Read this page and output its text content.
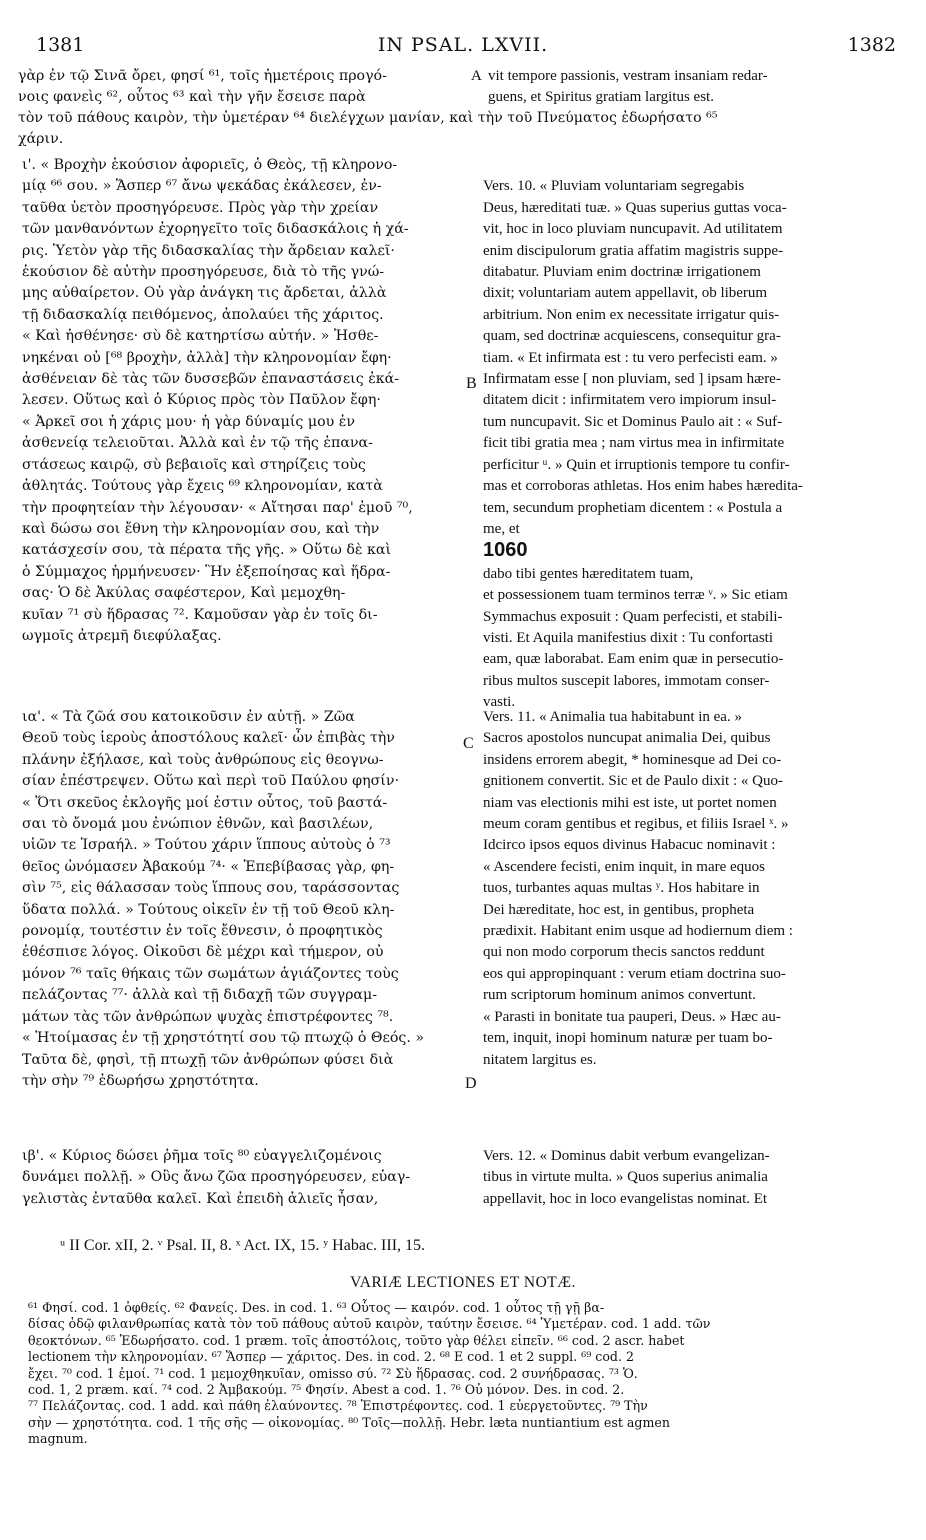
1381	IN PSAL. LXVII.	1382
γὰρ ἐν τῷ Σινᾶ ὄρει, φησί ⁶¹, τοῖς ἡμετέροις προγό-
νοις φανεὶς ⁶², οὗτος ⁶³ καὶ τὴν γῆν ἔσεισε παρὰ
τὸν τοῦ πάθους καιρὸν, τὴν ὑμετέραν ⁶⁴ διελέγχων μανίαν, καὶ τὴν τοῦ Πνεύματος ἐδωρήσατο ⁶⁵
χάριν.
A vit tempore passionis, vestram insaniam redar-
guens, et Spiritus gratiam largitus est.
ι'. « Βροχὴν ἑκούσιον ἀφοριεῖς, ὁ Θεὸς, τῇ κληρονο-
μίᾳ ⁶⁶ σου. » Ἅσπερ ⁶⁷ ἄνω ψεκάδας ἐκάλεσεν, ἐν-
ταῦθα ὑετὸν προσηγόρευσε. Πρὸς γὰρ τὴν χρείαν
τῶν μανθανόντων ἐχορηγεῖτο τοῖς διδασκάλοις ἡ χά-
ρις. Ὑετὸν γὰρ τῆς διδασκαλίας τὴν ἄρδειαν καλεῖ·
ἑκούσιον δὲ αὐτὴν προσηγόρευσε, διὰ τὸ τῆς γνώ-
μης αὐθαίρετον. Οὐ γὰρ ἀνάγκη τις ἄρδεται, ἀλλὰ
τῇ διδασκαλίᾳ πειθόμενος, ἀπολαύει τῆς χάριτος.
« Καὶ ἠσθένησε· σὺ δὲ κατηρτίσω αὐτήν. » Ἠσθε-
νηκέναι οὐ [⁶⁸ βροχὴν, ἀλλὰ] τὴν κληρονομίαν ἔφη·
ἀσθένειαν δὲ τὰς τῶν δυσσεβῶν ἐπαναστάσεις ἐκά-
λεσεν. Οὕτως καὶ ὁ Κύριος πρὸς τὸν Παῦλον ἔφη·
« Ἀρκεῖ σοι ἡ χάρις μου· ἡ γὰρ δύναμίς μου ἐν
ἀσθενείᾳ τελειοῦται. Ἀλλὰ καὶ ἐν τῷ τῆς ἐπανα-
στάσεως καιρῷ, σὺ βεβαιοῖς καὶ στηρίζεις τοὺς
ἀθλητάς. Τούτους γὰρ ἔχεις ⁶⁹ κληρονομίαν, κατὰ
τὴν προφητείαν τὴν λέγουσαν· « Αἴτησαι παρ' ἐμοῦ ⁷⁰,
καὶ δώσω σοι ἔθνη τὴν κληρονομίαν σου, καὶ τὴν
κατάσχεσίν σου, τὰ πέρατα τῆς γῆς. » Οὕτω δὲ καὶ
ὁ Σύμμαχος ἡρμήνευσεν· Ἣν ἐξεποίησας καὶ ἥδρα-
σας· Ὁ δὲ Ἀκύλας σαφέστερον, Καὶ μεμοχθη-
κυῖαν ⁷¹ σὺ ἥδρασας ⁷². Καμοῦσαν γὰρ ἐν τοῖς δι-
ωγμοῖς ἀτρεμῆ διεφύλαξας.
ια'. « Τὰ ζῶά σου κατοικοῦσιν ἐν αὐτῇ. » Ζῶα
Θεοῦ τοὺς ἱεροὺς ἀποστόλους καλεῖ· ὧν ἐπιβὰς τὴν
πλάνην ἐξήλασε, καὶ τοὺς ἀνθρώπους εἰς θεογνω-
σίαν ἐπέστρεψεν. Οὕτω καὶ περὶ τοῦ Παύλου φησίν·
« Ὅτι σκεῦος ἐκλογῆς μοί ἐστιν οὗτος, τοῦ βαστά-
σαι τὸ ὄνομά μου ἐνώπιον ἐθνῶν, καὶ βασιλέων,
υἱῶν τε Ἰσραήλ. » Τούτου χάριν ἵππους αὐτοὺς ὁ ⁷³
θεῖος ὠνόμασεν Ἀβακούμ ⁷⁴· « Ἐπεβίβασας γὰρ, φη-
σὶν ⁷⁵, εἰς θάλασσαν τοὺς ἵππους σου, ταράσσοντας
ὕδατα πολλά. » Τούτους οἰκεῖν ἐν τῇ τοῦ Θεοῦ κλη-
ρονομίᾳ, τουτέστιν ἐν τοῖς ἔθνεσιν, ὁ προφητικὸς
ἐθέσπισε λόγος. Οἰκοῦσι δὲ μέχρι καὶ τήμερον, οὐ
μόνον ⁷⁶ ταῖς θήκαις τῶν σωμάτων ἁγιάζοντες τοὺς
πελάζοντας ⁷⁷· ἀλλὰ καὶ τῇ διδαχῇ τῶν συγγραμ-
μάτων τὰς τῶν ἀνθρώπων ψυχὰς ἐπιστρέφοντες ⁷⁸.
« Ἡτοίμασας ἐν τῇ χρηστότητί σου τῷ πτωχῷ ὁ Θεός. »
Ταῦτα δὲ, φησὶ, τῇ πτωχῇ τῶν ἀνθρώπων φύσει διὰ
τὴν σὴν ⁷⁹ ἐδωρήσω χρηστότητα.
ιβ'. « Κύριος δώσει ῥῆμα τοῖς ⁸⁰ εὐαγγελιζομένοις
δυνάμει πολλῇ. » Οὓς ἄνω ζῶα προσηγόρευσεν, εὐαγ-
γελιστὰς ἐνταῦθα καλεῖ. Καὶ ἐπειδὴ ἁλιεῖς ἦσαν,

Vers. 10. « Pluviam voluntariam segregabis
Deus, hæreditati tuæ. » Quas superius guttas voca-
vit, hoc in loco pluviam nuncupavit. Ad utilitatem
enim discipulorum gratia affatim magistris suppe-
ditabatur. Pluviam enim doctrinæ irrigationem
dixit; voluntariam autem appellavit, ob liberum
arbitrium. Non enim ex necessitate irrigatur quis-
quam, sed doctrinæ acquiescens, consequitur gra-
tiam. « Et infirmata est : tu vero perfecisti eam. »
Infirmatam esse [ non pluviam, sed ] ipsam hære-
ditatem dicit : infirmitatem vero impiorum insul-
tum nuncupavit. Sic et Dominus Paulo ait : « Suf-
ficit tibi gratia mea ; nam virtus mea in infirmitate
perficitur ᵘ. » Quin et irruptionis tempore tu confir-
mas et corroboras athletas. Hos enim habes hæredita-
tem, secundum prophetiam dicentem : « Postula a
me, et
1060
dabo tibi gentes hæreditatem tuam,
et possessionem tuam terminos terræ ᵛ. » Sic etiam
Symmachus exposuit : Quam perfecisti, et stabili-
visti. Et Aquila manifestius dixit : Tu confortasti
eam, quæ laborabat. Eam enim quæ in persecutio-
ribus multos suscepit labores, immotam conser-
vasti.

Vers. 11. « Animalia tua habitabunt in ea. »
Sacros apostolos nuncupat animalia Dei, quibus
insidens errorem abegit, * hominesque ad Dei co-
gnitionem convertit. Sic et de Paulo dixit : « Quo-
niam vas electionis mihi est iste, ut portet nomen
meum coram gentibus et regibus, et filiis Israel ˣ. »
Idcirco ipsos equos divinus Habacuc nominavit :
« Ascendere fecisti, enim inquit, in mare equos
tuos, turbantes aquas multas ʸ. Hos habitare in
Dei hæreditate, hoc est, in gentibus, propheta
prædixit. Habitant enim usque ad hodiernum diem :
qui non modo corporum thecis sanctos reddunt
eos qui appropinquant : verum etiam doctrina suo-
rum scriptorum hominum animos convertunt.
« Parasti in bonitate tua pauperi, Deus. » Hæc au-
tem, inquit, inopi hominum naturæ per tuam bo-
nitatem largitus es.
Vers. 12. « Dominus dabit verbum evangelizan-
tibus in virtute multa. » Quos superius animalia
appellavit, hoc in loco evangelistas nominat. Et
B
C
D
ᵘ II Cor. xII, 2. ᵛ Psal. II, 8. ˣ Act. IX, 15. ʸ Habac. III, 15.
VARIÆ LECTIONES ET NOTÆ.
⁶¹ Φησί. cod. 1 ὀφθείς. ⁶² Φανείς. Des. in cod. 1. ⁶³ Οὗτος — καιρόν. cod. 1 οὗτος τῇ γῇ βα-
δίσας ὁδῷ φιλανθρωπίας κατὰ τὸν τοῦ πάθους αὐτοῦ καιρὸν, ταύτην ἔσεισε. ⁶⁴ Ὑμετέραν. cod. 1 add. τῶν
θεοκτόνων. ⁶⁵ Ἐδωρήσατο. cod. 1 præm. τοῖς ἀποστόλοις, τοῦτο γὰρ θέλει εἰπεῖν. ⁶⁶ cod. 2 ascr. habet
lectionem τὴν κληρονομίαν. ⁶⁷ Ἅσπερ — χάριτος. Des. in cod. 2. ⁶⁸ E cod. 1 et 2 suppl. ⁶⁹ cod. 2
ἔχει. ⁷⁰ cod. 1 ἐμοί. ⁷¹ cod. 1 μεμοχθηκυῖαν, omisso σύ. ⁷² Σὺ ἥδρασας. cod. 2 συνήδρασας. ⁷³ Ὁ.
cod. 1, 2 præm. καί. ⁷⁴ cod. 2 Ἀμβακούμ. ⁷⁵ Φησίν. Abest a cod. 1. ⁷⁶ Οὐ μόνον. Des. in cod. 2.
⁷⁷ Πελάζοντας. cod. 1 add. καὶ πάθη ἐλαύνοντες. ⁷⁸ Ἐπιστρέφοντες. cod. 1 εὐεργετοῦντες. ⁷⁹ Τὴν
σὴν — χρηστότητα. cod. 1 τῆς σῆς — οἰκονομίας. ⁸⁰ Τοῖς—πολλῇ. Hebr. læta nuntiantium est agmen
magnum.
